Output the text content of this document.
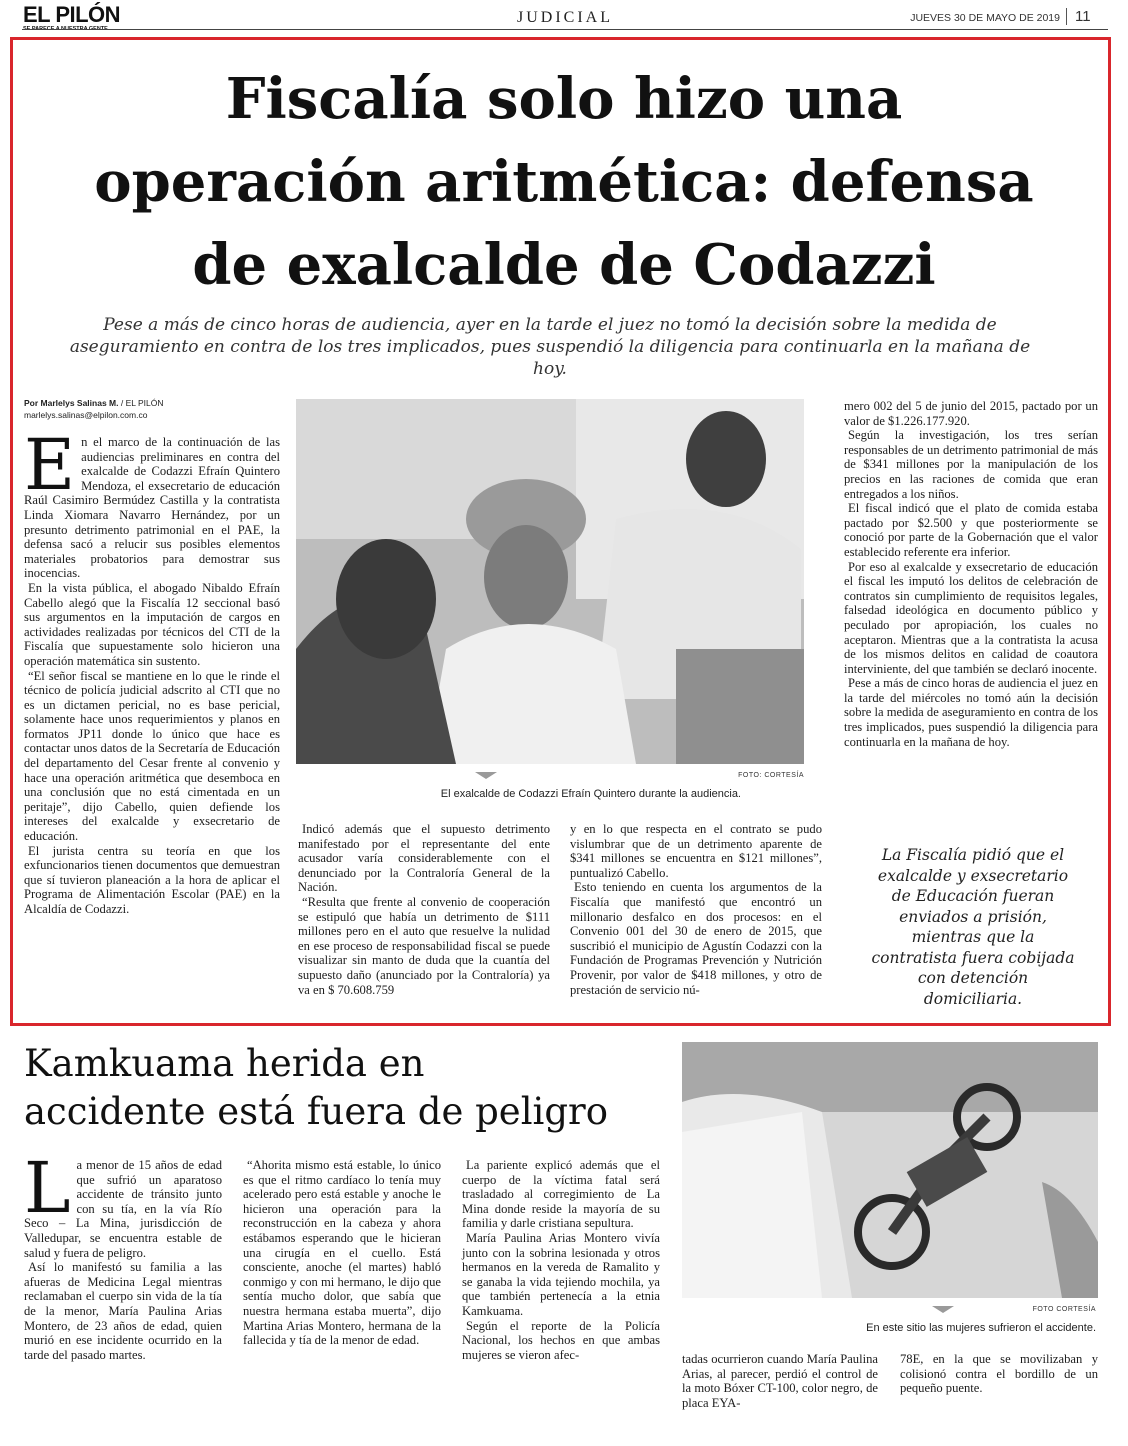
EL PILÓN	JUDICIAL	JUEVES 30 DE MAYO DE 2019	11
Fiscalía solo hizo una
operación aritmética: defensa
de exalcalde de Codazzi
Pese a más de cinco horas de audiencia, ayer en la tarde el juez no tomó la decisión sobre la medida de aseguramiento en contra de los tres implicados, pues suspendió la diligencia para continuarla en la mañana de hoy.
Por Marlelys Salinas M. / EL PILÓN
marlelys.salinas@elpilon.com.co
E n el marco de la continuación de las audiencias preliminares en contra del exalcalde de Codazzi Efraín Quintero Mendoza, el exsecretario de educación Raúl Casimiro Bermúdez Castilla y la contratista Linda Xiomara Navarro Hernández, por un presunto detrimento patrimonial en el PAE, la defensa sacó a relucir sus posibles elementos materiales probatorios para demostrar sus inocencias.

En la vista pública, el abogado Nibaldo Efraín Cabello alegó que la Fiscalía 12 seccional basó sus argumentos en la imputación de cargos en actividades realizadas por técnicos del CTI de la Fiscalía que supuestamente solo hicieron una operación matemática sin sustento.

“El señor fiscal se mantiene en lo que le rinde el técnico de policía judicial adscrito al CTI que no es un dictamen pericial, no es base pericial, solamente hace unos requerimientos y planos en formatos JP11 donde lo único que hace es contactar unos datos de la Secretaría de Educación del departamento del Cesar frente al convenio y hace una operación aritmética que desemboca en una conclusión que no está cimentada en un peritaje”, dijo Cabello, quien defiende los intereses del exalcalde y exsecretario de educación.

El jurista centra su teoría en que los exfuncionarios tienen documentos que demuestran que sí tuvieron planeación a la hora de aplicar el Programa de Alimentación Escolar (PAE) en la Alcaldía de Codazzi.

FOTO: CORTESÍA
El exalcalde de Codazzi Efraín Quintero durante la audiencia.

Indicó además que el supuesto detrimento manifestado por el representante del ente acusador varía considerablemente con el denunciado por la Contraloría General de la Nación.

“Resulta que frente al convenio de cooperación se estipuló que había un detrimento de $111 millones pero en el auto que resuelve la nulidad en ese proceso de responsabilidad fiscal se puede visualizar sin manto de duda que la cuantía del supuesto daño (anunciado por la Contraloría) ya va en $ 70.608.759

y en lo que respecta en el contrato se pudo vislumbrar que de un detrimento aparente de $341 millones se encuentra en $121 millones”, puntualizó Cabello.

Esto teniendo en cuenta los argumentos de la Fiscalía que manifestó que encontró un millonario desfalco en dos procesos: en el Convenio 001 del 30 de enero de 2015, que suscribió el municipio de Agustín Codazzi con la Fundación de Programas Prevención y Nutrición Provenir, por valor de $418 millones, y otro de prestación de servicio nú-

mero 002 del 5 de junio del 2015, pactado por un valor de $1.226.177.920.

Según la investigación, los tres serían responsables de un detrimento patrimonial de más de $341 millones por la manipulación de los precios en las raciones de comida que eran entregados a los niños.

El fiscal indicó que el plato de comida estaba pactado por $2.500 y que posteriormente se conoció por parte de la Gobernación que el valor establecido referente era inferior.

Por eso al exalcalde y exsecretario de educación el fiscal les imputó los delitos de celebración de contratos sin cumplimiento de requisitos legales, falsedad ideológica en documento público y peculado por apropiación, los cuales no aceptaron. Mientras que a la contratista la acusa de los mismos delitos en calidad de coautora interviniente, del que también se declaró inocente.

Pese a más de cinco horas de audiencia el juez en la tarde del miércoles no tomó aún la decisión sobre la medida de aseguramiento en contra de los tres implicados, pues suspendió la diligencia para continuarla en la mañana de hoy.

La Fiscalía pidió que el exalcalde y exsecretario de Educación fueran enviados a prisión, mientras que la contratista fuera cobijada con detención domiciliaria.
Kamkuama herida en
accidente está fuera de peligro
L a menor de 15 años de edad que sufrió un aparatoso accidente de tránsito junto con su tía, en la vía Río Seco – La Mina, jurisdicción de Valledupar, se encuentra estable de salud y fuera de peligro.

Así lo manifestó su familia a las afueras de Medicina Legal mientras reclamaban el cuerpo sin vida de la tía de la menor, María Paulina Arias Montero, de 23 años de edad, quien murió en ese incidente ocurrido en la tarde del pasado martes.

“Ahorita mismo está estable, lo único es que el ritmo cardíaco lo tenía muy acelerado pero está estable y anoche le hicieron una operación para la reconstrucción en la cabeza y ahora estábamos esperando que le hicieran una cirugía en el cuello. Está consciente, anoche (el martes) habló conmigo y con mi hermano, le dijo que sentía mucho dolor, que sabía que nuestra hermana estaba muerta”, dijo Martina Arias Montero, hermana de la fallecida y tía de la menor de edad.

La pariente explicó además que el cuerpo de la víctima fatal será trasladado al corregimiento de La Mina donde reside la mayoría de su familia y darle cristiana sepultura.

María Paulina Arias Montero vivía junto con la sobrina lesionada y otros hermanos en la vereda de Ramalito y se ganaba la vida tejiendo mochila, ya que también pertenecía a la etnia Kamkuama.

Según el reporte de la Policía Nacional, los hechos en que ambas mujeres se vieron afec-

FOTO CORTESÍA
En este sitio las mujeres sufrieron el accidente.

tadas ocurrieron cuando María Paulina Arias, al parecer, perdió el control de la moto Bóxer CT-100, color negro, de placa EYA-

78E, en la que se movilizaban y colisionó contra el bordillo de un pequeño puente.
